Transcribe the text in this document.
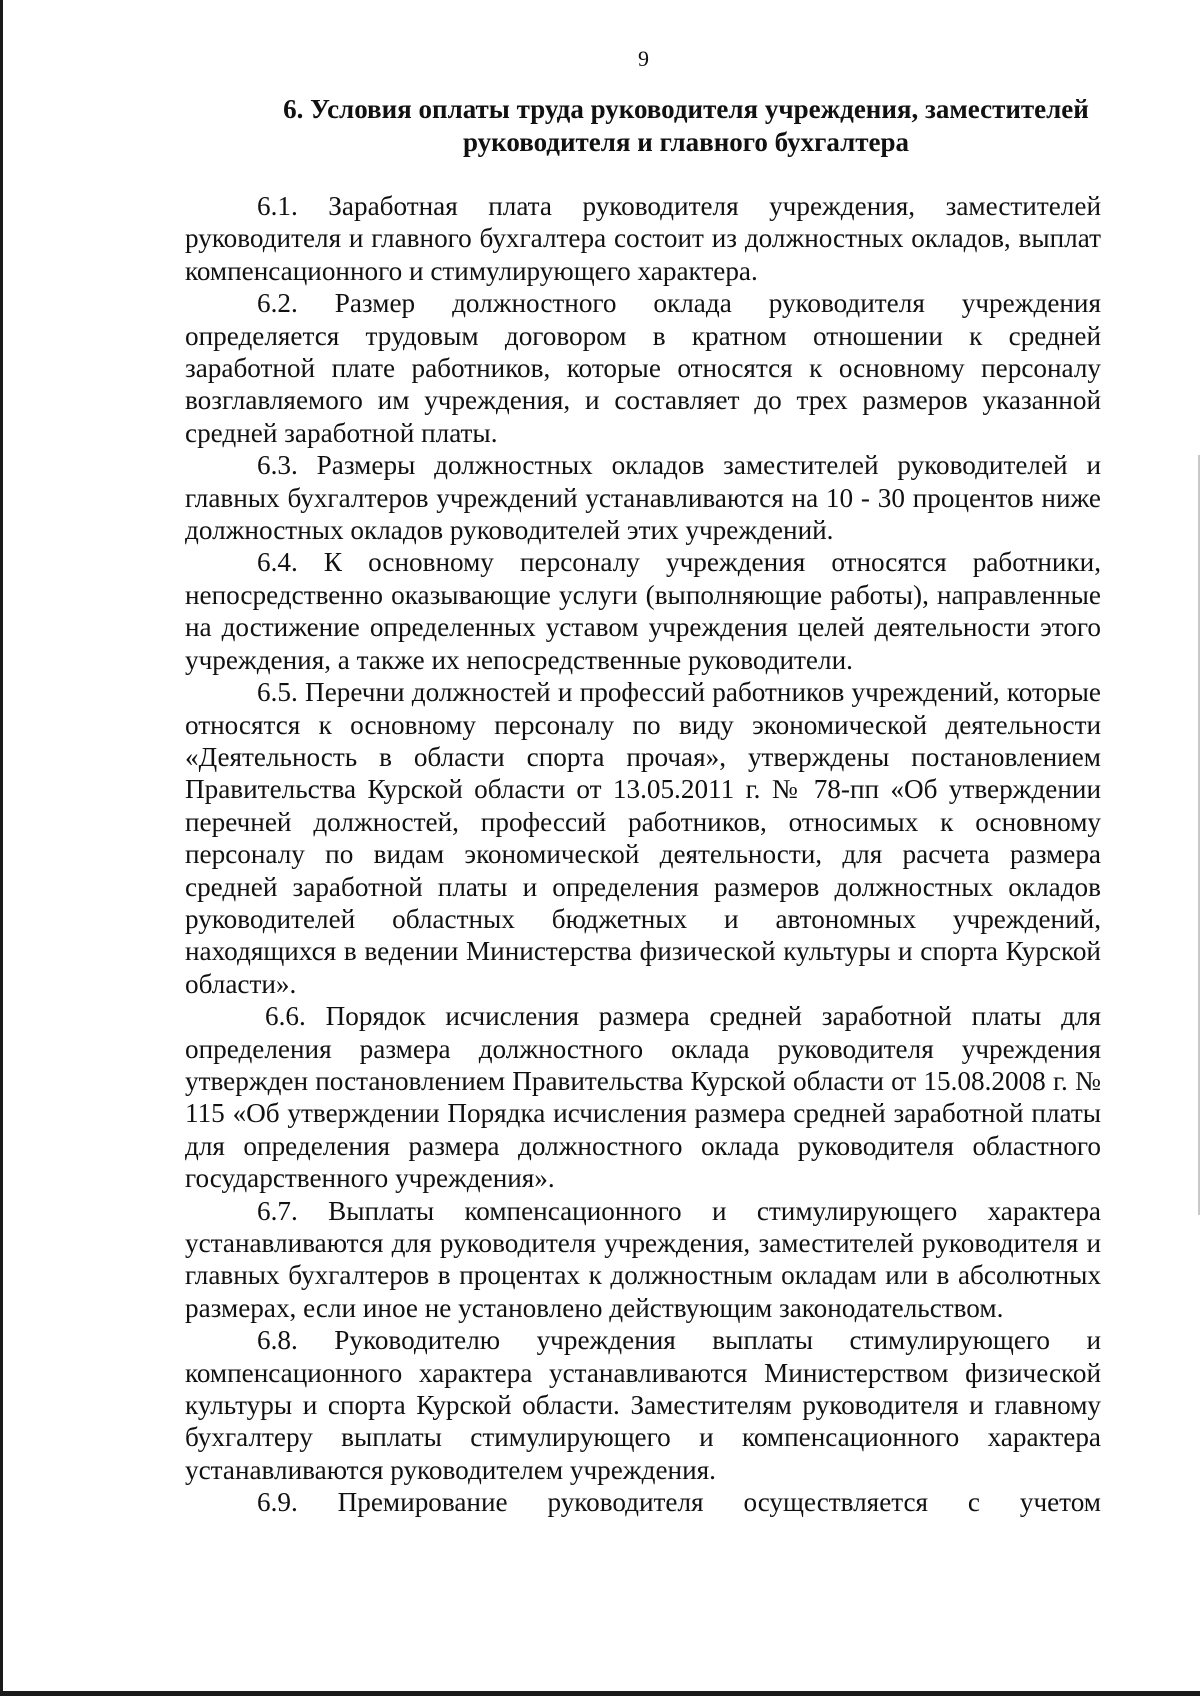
9
6. Условия оплаты труда руководителя учреждения, заместителей
руководителя и главного бухгалтера

6.1. Заработная плата руководителя учреждения, заместителей руководителя и главного бухгалтера состоит из должностных окладов, выплат компенсационного и стимулирующего характера.

6.2. Размер должностного оклада руководителя учреждения определяется трудовым договором в кратном отношении к средней заработной плате работников, которые относятся к основному персоналу возглавляемого им учреждения, и составляет до трех размеров указанной средней заработной платы.

6.3. Размеры должностных окладов заместителей руководителей и главных бухгалтеров учреждений устанавливаются на 10 - 30 процентов ниже должностных окладов руководителей этих учреждений.

6.4. К основному персоналу учреждения относятся работники, непосредственно оказывающие услуги (выполняющие работы), направленные на достижение определенных уставом учреждения целей деятельности этого учреждения, а также их непосредственные руководители.

6.5. Перечни должностей и профессий работников учреждений, которые относятся к основному персоналу по виду экономической деятельности «Деятельность в области спорта прочая», утверждены постановлением Правительства Курской области от 13.05.2011 г. № 78-пп «Об утверждении перечней должностей, профессий работников, относимых к основному персоналу по видам экономической деятельности, для расчета размера средней заработной платы и определения размеров должностных окладов руководителей областных бюджетных и автономных учреждений, находящихся в ведении Министерства физической культуры и спорта Курской области».

6.6. Порядок исчисления размера средней заработной платы для определения размера должностного оклада руководителя учреждения утвержден постановлением Правительства Курской области от 15.08.2008 г. № 115 «Об утверждении Порядка исчисления размера средней заработной платы для определения размера должностного оклада руководителя областного государственного учреждения».

6.7. Выплаты компенсационного и стимулирующего характера устанавливаются для руководителя учреждения, заместителей руководителя и главных бухгалтеров в процентах к должностным окладам или в абсолютных размерах, если иное не установлено действующим законодательством.

6.8. Руководителю учреждения выплаты стимулирующего и компенсационного характера устанавливаются Министерством физической культуры и спорта Курской области. Заместителям руководителя и главному бухгалтеру выплаты стимулирующего и компенсационного характера устанавливаются руководителем учреждения.

6.9. Премирование руководителя осуществляется с учетом
